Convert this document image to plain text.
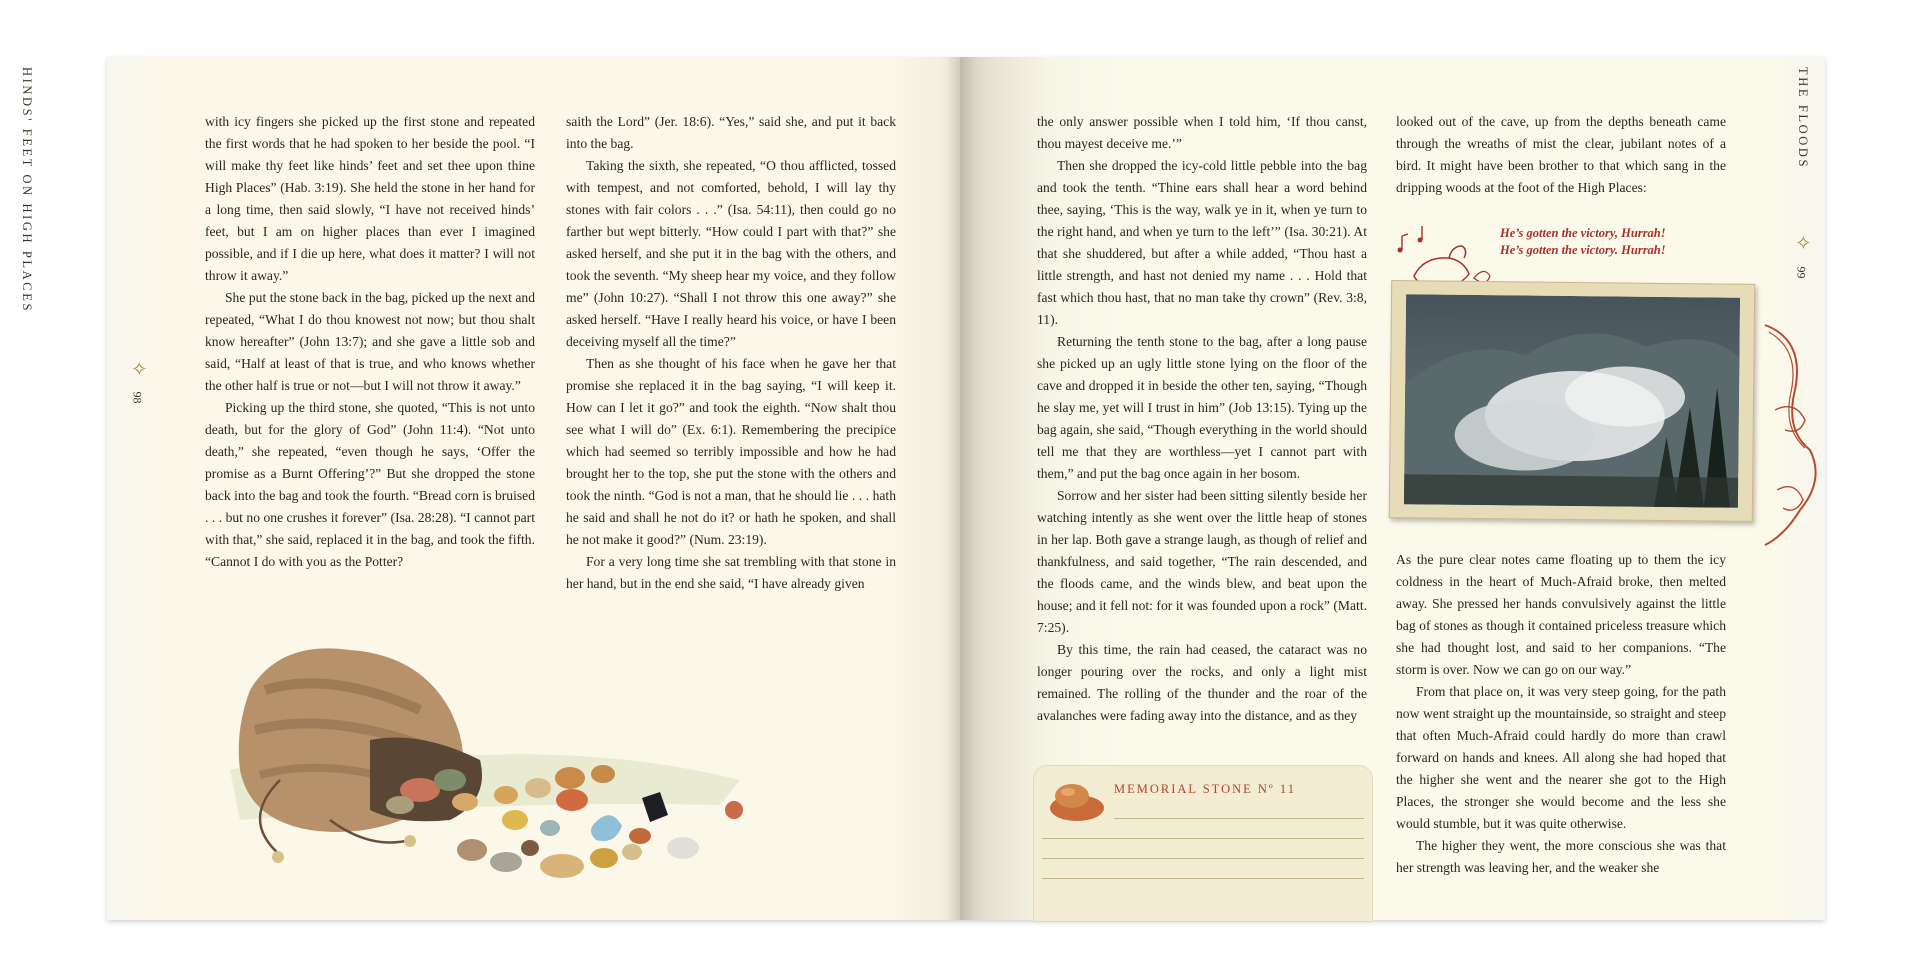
HINDS' FEET ON HIGH PLACES
✧
98
THE FLOODS
✧
99

with icy fingers she picked up the first stone and repeated the first words that he had spoken to her beside the pool. “I will make thy feet like hinds’ feet and set thee upon thine High Places” (Hab. 3:19). She held the stone in her hand for a long time, then said slowly, “I have not received hinds’ feet, but I am on higher places than ever I imagined possible, and if I die up here, what does it matter? I will not throw it away.”

She put the stone back in the bag, picked up the next and repeated, “What I do thou knowest not now; but thou shalt know hereafter” (John 13:7); and she gave a little sob and said, “Half at least of that is true, and who knows whether the other half is true or not—but I will not throw it away.”

Picking up the third stone, she quoted, “This is not unto death, but for the glory of God” (John 11:4). “Not unto death,” she repeated, “even though he says, ‘Offer the promise as a Burnt Offering’?” But she dropped the stone back into the bag and took the fourth. “Bread corn is bruised . . . but no one crushes it forever” (Isa. 28:28). “I cannot part with that,” she said, replaced it in the bag, and took the fifth. “Cannot I do with you as the Potter?

saith the Lord” (Jer. 18:6). “Yes,” said she, and put it back into the bag.

Taking the sixth, she repeated, “O thou afflicted, tossed with tempest, and not comforted, behold, I will lay thy stones with fair colors . . .” (Isa. 54:11), then could go no farther but wept bitterly. “How could I part with that?” she asked herself, and she put it in the bag with the others, and took the seventh. “My sheep hear my voice, and they follow me” (John 10:27). “Shall I not throw this one away?” she asked herself. “Have I really heard his voice, or have I been deceiving myself all the time?”

Then as she thought of his face when he gave her that promise she replaced it in the bag saying, “I will keep it. How can I let it go?” and took the eighth. “Now shalt thou see what I will do” (Ex. 6:1). Remembering the precipice which had seemed so terribly impossible and how he had brought her to the top, she put the stone with the others and took the ninth. “God is not a man, that he should lie . . . hath he said and shall he not do it? or hath he spoken, and shall he not make it good?” (Num. 23:19).

For a very long time she sat trembling with that stone in her hand, but in the end she said, “I have already given

the only answer possible when I told him, ‘If thou canst, thou mayest deceive me.’”

Then she dropped the icy-cold little pebble into the bag and took the tenth. “Thine ears shall hear a word behind thee, saying, ‘This is the way, walk ye in it, when ye turn to the right hand, and when ye turn to the left’” (Isa. 30:21). At that she shuddered, but after a while added, “Thou hast a little strength, and hast not denied my name . . . Hold that fast which thou hast, that no man take thy crown” (Rev. 3:8, 11).

Returning the tenth stone to the bag, after a long pause she picked up an ugly little stone lying on the floor of the cave and dropped it in beside the other ten, saying, “Though he slay me, yet will I trust in him” (Job 13:15). Tying up the bag again, she said, “Though everything in the world should tell me that they are worthless—yet I cannot part with them,” and put the bag once again in her bosom.

Sorrow and her sister had been sitting silently beside her watching intently as she went over the little heap of stones in her lap. Both gave a strange laugh, as though of relief and thankfulness, and said together, “The rain descended, and the floods came, and the winds blew, and beat upon the house; and it fell not: for it was founded upon a rock” (Matt. 7:25).

By this time, the rain had ceased, the cataract was no longer pouring over the rocks, and only a light mist remained. The rolling of the thunder and the roar of the avalanches were fading away into the distance, and as they

looked out of the cave, up from the depths beneath came through the wreaths of mist the clear, jubilant notes of a bird. It might have been brother to that which sang in the dripping woods at the foot of the High Places:

He’s gotten the victory, Hurrah!
He’s gotten the victory. Hurrah!

As the pure clear notes came floating up to them the icy coldness in the heart of Much-Afraid broke, then melted away. She pressed her hands convulsively against the little bag of stones as though it contained priceless treasure which she had thought lost, and said to her companions. “The storm is over. Now we can go on our way.”

From that place on, it was very steep going, for the path now went straight up the mountainside, so straight and steep that often Much-Afraid could hardly do more than crawl forward on hands and knees. All along she had hoped that the higher she went and the nearer she got to the High Places, the stronger she would become and the less she would stumble, but it was quite otherwise.

The higher they went, the more conscious she was that her strength was leaving her, and the weaker she

MEMORIAL STONE Nº 11
